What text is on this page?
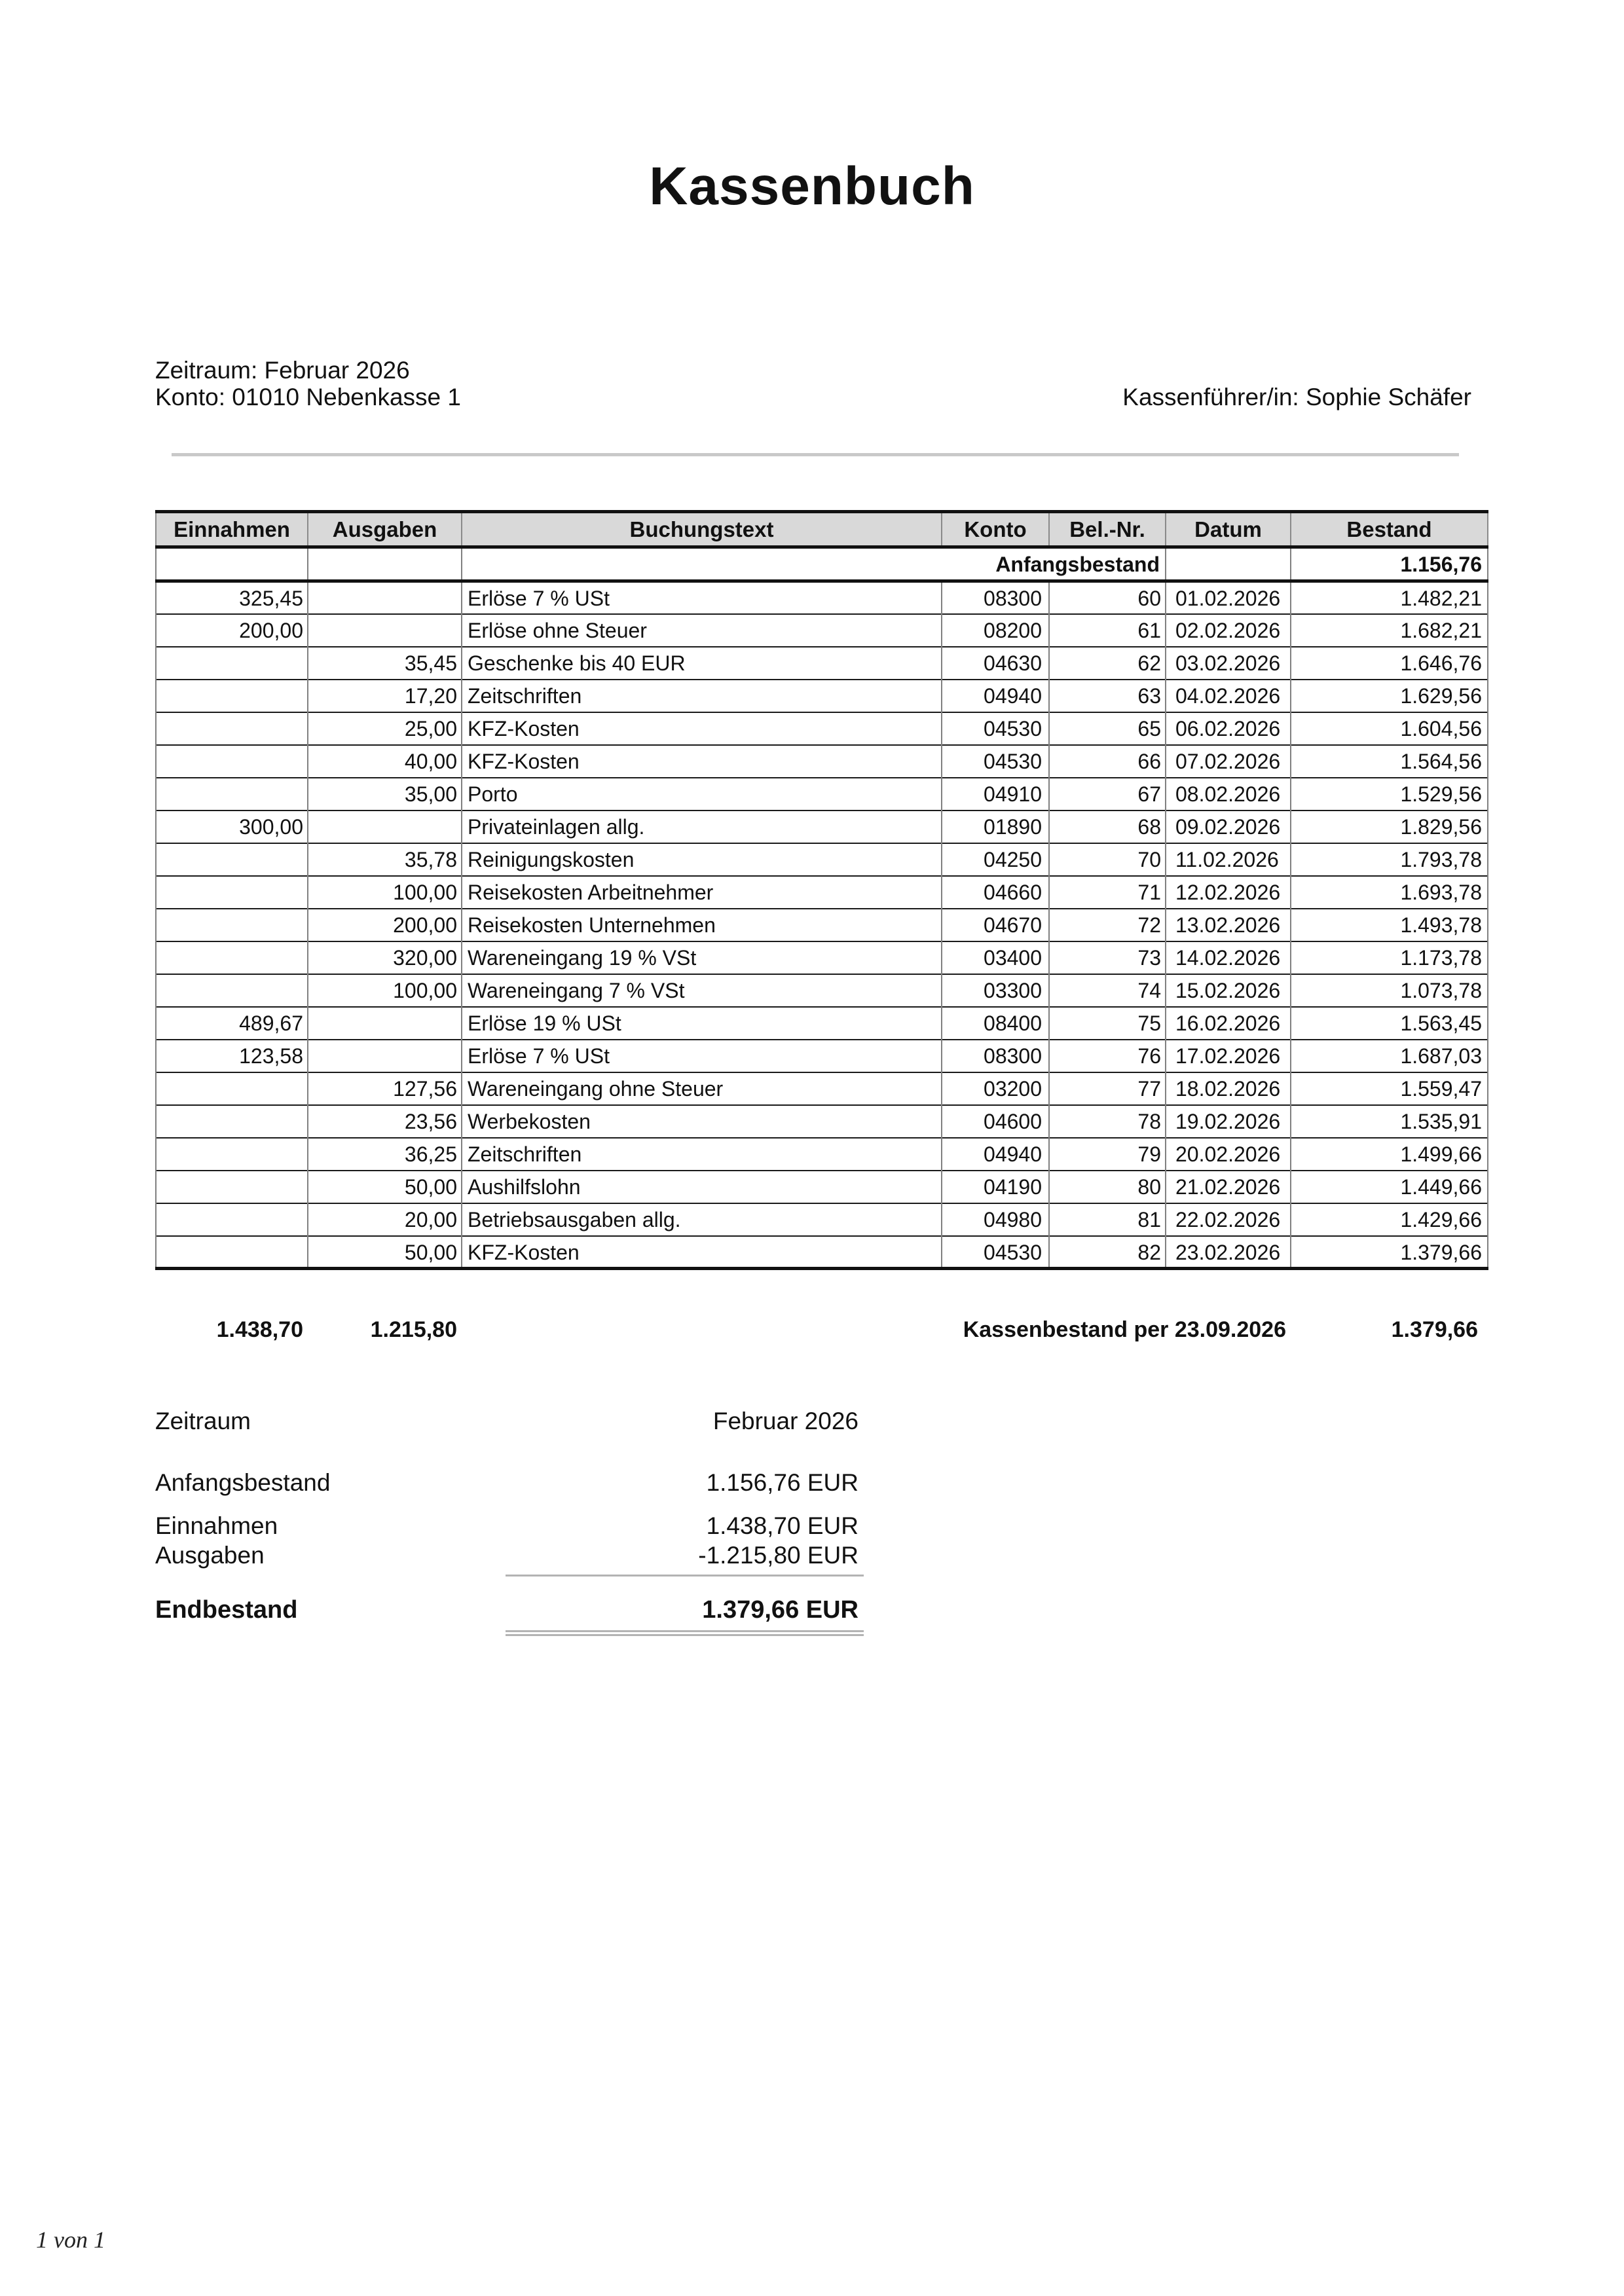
Kassenbuch
Zeitraum: Februar 2026
Konto: 01010 Nebenkasse 1	Kassenführer/in: Sophie Schäfer
Einnahmen	Ausgaben	Buchungstext	Konto	Bel.-Nr.	Datum	Bestand
		Anfangsbestand				1.156,76
325,45		Erlöse 7 % USt	08300	60	01.02.2026	1.482,21
200,00		Erlöse ohne Steuer	08200	61	02.02.2026	1.682,21
	35,45	Geschenke bis 40 EUR	04630	62	03.02.2026	1.646,76
	17,20	Zeitschriften	04940	63	04.02.2026	1.629,56
	25,00	KFZ-Kosten	04530	65	06.02.2026	1.604,56
	40,00	KFZ-Kosten	04530	66	07.02.2026	1.564,56
	35,00	Porto	04910	67	08.02.2026	1.529,56
300,00		Privateinlagen allg.	01890	68	09.02.2026	1.829,56
	35,78	Reinigungskosten	04250	70	11.02.2026	1.793,78
	100,00	Reisekosten Arbeitnehmer	04660	71	12.02.2026	1.693,78
	200,00	Reisekosten Unternehmen	04670	72	13.02.2026	1.493,78
	320,00	Wareneingang 19 % VSt	03400	73	14.02.2026	1.173,78
	100,00	Wareneingang 7 % VSt	03300	74	15.02.2026	1.073,78
489,67		Erlöse 19 % USt	08400	75	16.02.2026	1.563,45
123,58		Erlöse 7 % USt	08300	76	17.02.2026	1.687,03
	127,56	Wareneingang ohne Steuer	03200	77	18.02.2026	1.559,47
	23,56	Werbekosten	04600	78	19.02.2026	1.535,91
	36,25	Zeitschriften	04940	79	20.02.2026	1.499,66
	50,00	Aushilfslohn	04190	80	21.02.2026	1.449,66
	20,00	Betriebsausgaben allg.	04980	81	22.02.2026	1.429,66
	50,00	KFZ-Kosten	04530	82	23.02.2026	1.379,66
1.438,70	1.215,80	Kassenbestand per 23.09.2026	1.379,66
Zeitraum	Februar 2026
Anfangsbestand	1.156,76 EUR
Einnahmen	1.438,70 EUR
Ausgaben	-1.215,80 EUR
Endbestand	1.379,66 EUR
1 von 1
